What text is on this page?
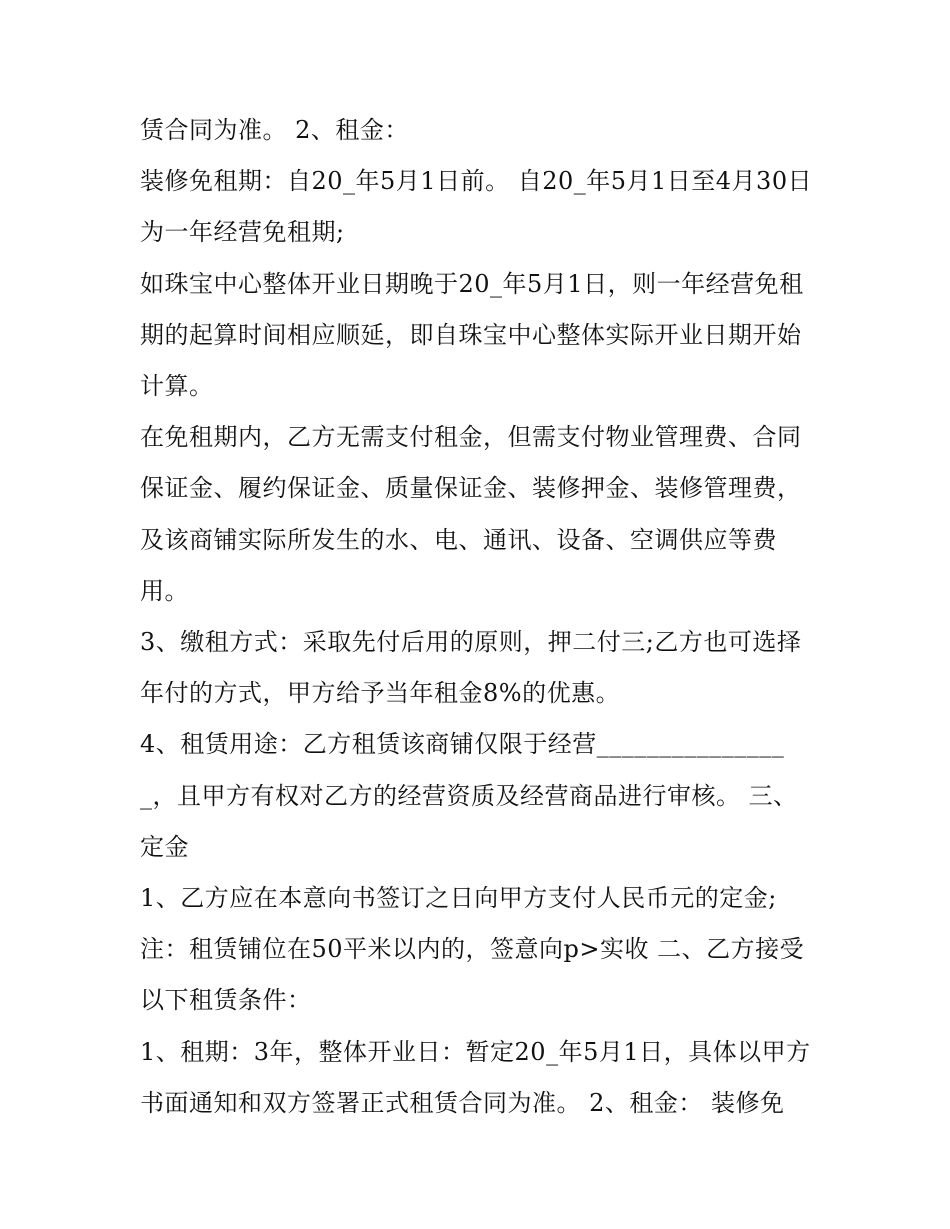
赁合同为准。 2、租金：

装修免租期：自20_年5月1日前。 自20_年5月1日至4月30日为一年经营免租期;

如珠宝中心整体开业日期晚于20_年5月1日，则一年经营免租期的起算时间相应顺延，即自珠宝中心整体实际开业日期开始计算。

在免租期内，乙方无需支付租金，但需支付物业管理费、合同保证金、履约保证金、质量保证金、装修押金、装修管理费，及该商铺实际所发生的水、电、通讯、设备、空调供应等费用。

3、缴租方式：采取先付后用的原则，押二付三;乙方也可选择年付的方式，甲方给予当年租金8%的优惠。

4、租赁用途：乙方租赁该商铺仅限于经营________________，且甲方有权对乙方的经营资质及经营商品进行审核。 三、定金

1、乙方应在本意向书签订之日向甲方支付人民币元的定金;

注：租赁铺位在50平米以内的，签意向p>实收 二、乙方接受以下租赁条件：

1、租期：3年，整体开业日：暂定20_年5月1日，具体以甲方书面通知和双方签署正式租赁合同为准。 2、租金： 装修免
